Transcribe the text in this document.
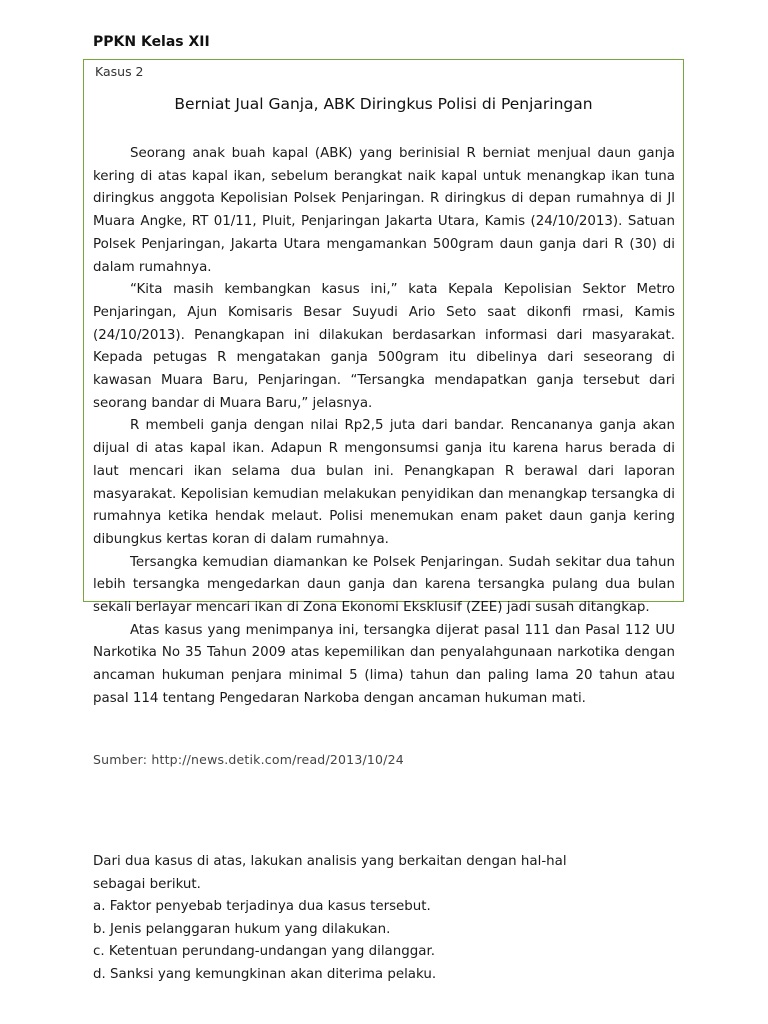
PPKN Kelas XII
Kasus 2
Berniat Jual Ganja, ABK Diringkus Polisi di Penjaringan

Seorang anak buah kapal (ABK) yang berinisial R berniat menjual daun ganja kering di atas kapal ikan, sebelum berangkat naik kapal untuk menangkap ikan tuna diringkus anggota Kepolisian Polsek Penjaringan. R diringkus di depan rumahnya di Jl Muara Angke, RT 01/11, Pluit, Penjaringan Jakarta Utara, Kamis (24/10/2013). Satuan Polsek Penjaringan, Jakarta Utara mengamankan 500gram daun ganja dari R (30) di dalam rumahnya.

“Kita masih kembangkan kasus ini,” kata Kepala Kepolisian Sektor Metro Penjaringan, Ajun Komisaris Besar Suyudi Ario Seto saat dikonfi rmasi, Kamis (24/10/2013). Penangkapan ini dilakukan berdasarkan informasi dari masyarakat. Kepada petugas R mengatakan ganja 500gram itu dibelinya dari seseorang di kawasan Muara Baru, Penjaringan. “Tersangka mendapatkan ganja tersebut dari seorang bandar di Muara Baru,” jelasnya.

R membeli ganja dengan nilai Rp2,5 juta dari bandar. Rencananya ganja akan dijual di atas kapal ikan. Adapun R mengonsumsi ganja itu karena harus berada di laut mencari ikan selama dua bulan ini. Penangkapan R berawal dari laporan masyarakat. Kepolisian kemudian melakukan penyidikan dan menangkap tersangka di rumahnya ketika hendak melaut. Polisi menemukan enam paket daun ganja kering dibungkus kertas koran di dalam rumahnya.

Tersangka kemudian diamankan ke Polsek Penjaringan. Sudah sekitar dua tahun lebih tersangka mengedarkan daun ganja dan karena tersangka pulang dua bulan sekali berlayar mencari ikan di Zona Ekonomi Eksklusif (ZEE) jadi susah ditangkap.

Atas kasus yang menimpanya ini, tersangka dijerat pasal 111 dan Pasal 112 UU Narkotika No 35 Tahun 2009 atas kepemilikan dan penyalahgunaan narkotika dengan ancaman hukuman penjara minimal 5 (lima) tahun dan paling lama 20 tahun atau pasal 114 tentang Pengedaran Narkoba dengan ancaman hukuman mati.

Sumber: http://news.detik.com/read/2013/10/24
Dari dua kasus di atas, lakukan analisis yang berkaitan dengan hal-hal
sebagai berikut.
a. Faktor penyebab terjadinya dua kasus tersebut.
b. Jenis pelanggaran hukum yang dilakukan.
c. Ketentuan perundang-undangan yang dilanggar.
d. Sanksi yang kemungkinan akan diterima pelaku.
